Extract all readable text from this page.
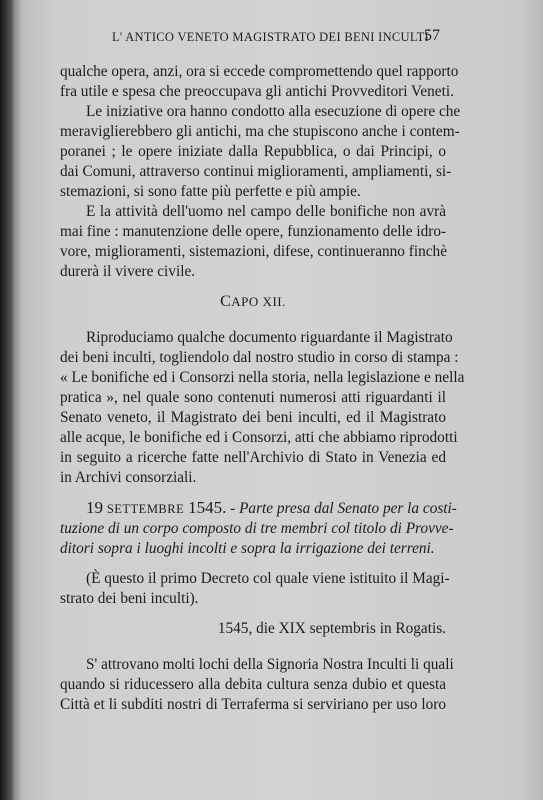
L' ANTICO VENETO MAGISTRATO DEI BENI INCULTI
57
qualche opera, anzi, ora si eccede compromettendo quel rapporto
fra utile e spesa che preoccupava gli antichi Provveditori Veneti.
Le iniziative ora hanno condotto alla esecuzione di opere che
meraviglierebbero gli antichi, ma che stupiscono anche i contem-
poranei ; le opere iniziate dalla Repubblica, o dai Principi, o
dai Comuni, attraverso continui miglioramenti, ampliamenti, si-
stemazioni, si sono fatte più perfette e più ampie.
E la attività dell'uomo nel campo delle bonifiche non avrà
mai fine : manutenzione delle opere, funzionamento delle idro-
vore, miglioramenti, sistemazioni, difese, continueranno finchè
durerà il vivere civile.
CAPO XII.
Riproduciamo qualche documento riguardante il Magistrato
dei beni inculti, togliendolo dal nostro studio in corso di stampa :
« Le bonifiche ed i Consorzi nella storia, nella legislazione e nella
pratica », nel quale sono contenuti numerosi atti riguardanti il
Senato veneto, il Magistrato dei beni inculti, ed il Magistrato
alle acque, le bonifiche ed i Consorzi, atti che abbiamo riprodotti
in seguito a ricerche fatte nell'Archivio di Stato in Venezia ed
in Archivi consorziali.
19 SETTEMBRE 1545. - Parte presa dal Senato per la costi-
tuzione di un corpo composto di tre membri col titolo di Provve-
ditori sopra i luoghi incolti e sopra la irrigazione dei terreni.
(È questo il primo Decreto col quale viene istituito il Magi-
strato dei beni inculti).
1545, die XIX septembris in Rogatis.
S' attrovano molti lochi della Signoria Nostra Inculti li quali
quando si riducessero alla debita cultura senza dubio et questa
Città et li subditi nostri di Terraferma si serviriano per uso loro
